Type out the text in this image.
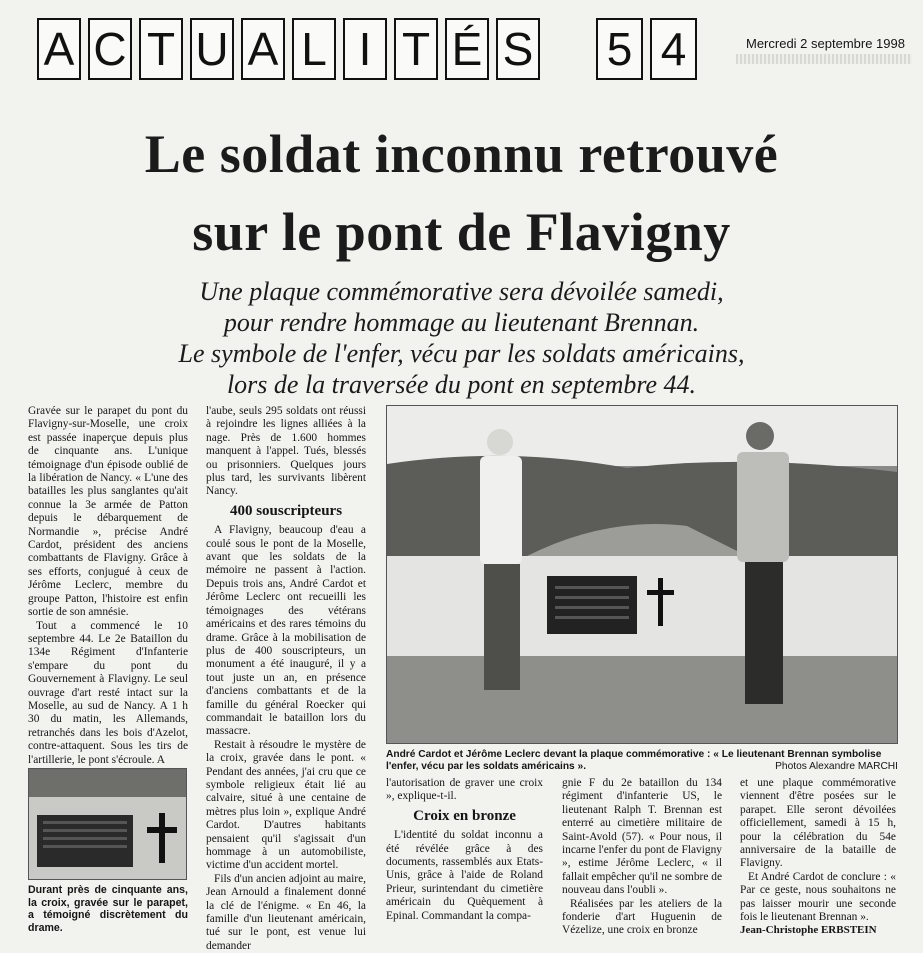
A C T U A L I T É S 5 4	Mercredi 2 septembre 1998
Le soldat inconnu retrouvé
sur le pont de Flavigny
Une plaque commémorative sera dévoilée samedi,
pour rendre hommage au lieutenant Brennan.
Le symbole de l'enfer, vécu par les soldats américains,
lors de la traversée du pont en septembre 44.

Gravée sur le parapet du pont du Flavigny-sur-Moselle, une croix est passée inaperçue depuis plus de cinquante ans. L'unique témoignage d'un épisode oublié de la libération de Nancy. « L'une des batailles les plus sanglantes qu'ait connue la 3e armée de Patton depuis le débarquement de Normandie », précise André Cardot, président des anciens combattants de Flavigny. Grâce à ses efforts, conjugué à ceux de Jérôme Leclerc, membre du groupe Patton, l'histoire est enfin sortie de son amnésie.

Tout a commencé le 10 septembre 44. Le 2e Bataillon du 134e Régiment d'Infanterie s'empare du pont du Gouvernement à Flavigny. Le seul ouvrage d'art resté intact sur la Moselle, au sud de Nancy. A 1 h 30 du matin, les Allemands, retranchés dans les bois d'Azelot, contre-attaquent. Sous les tirs de l'artillerie, le pont s'écroule. A

Durant près de cinquante ans, la croix, gravée sur le parapet, a témoigné discrètement du drame.

l'aube, seuls 295 soldats ont réussi à rejoindre les lignes alliées à la nage. Près de 1.600 hommes manquent à l'appel. Tués, blessés ou prisonniers. Quelques jours plus tard, les survivants libèrent Nancy.

400 souscripteurs

A Flavigny, beaucoup d'eau a coulé sous le pont de la Moselle, avant que les soldats de la mémoire ne passent à l'action. Depuis trois ans, André Cardot et Jérôme Leclerc ont recueilli les témoignages des vétérans américains et des rares témoins du drame. Grâce à la mobilisation de plus de 400 souscripteurs, un monument a été inauguré, il y a tout juste un an, en présence d'anciens combattants et de la famille du général Roecker qui commandait le bataillon lors du massacre.

Restait à résoudre le mystère de la croix, gravée dans le pont. « Pendant des années, j'ai cru que ce symbole religieux était lié au calvaire, situé à une centaine de mètres plus loin », explique André Cardot. D'autres habitants pensaient qu'il s'agissait d'un hommage à un automobiliste, victime d'un accident mortel.

Fils d'un ancien adjoint au maire, Jean Arnould a finalement donné la clé de l'énigme. « En 46, la famille d'un lieutenant américain, tué sur le pont, est venue lui demander

André Cardot et Jérôme Leclerc devant la plaque commémorative : « Le lieutenant Brennan symbolise l'enfer, vécu par les soldats américains ».	Photos Alexandre MARCHI

l'autorisation de graver une croix », explique-t-il.

Croix en bronze

L'identité du soldat inconnu a été révélée grâce à des documents, rassemblés aux Etats-Unis, grâce à l'aide de Roland Prieur, surintendant du cimetière américain du Quèquement à Epinal. Commandant la compa-

gnie F du 2e bataillon du 134 régiment d'infanterie US, le lieutenant Ralph T. Brennan est enterré au cimetière militaire de Saint-Avold (57). « Pour nous, il incarne l'enfer du pont de Flavigny », estime Jérôme Leclerc, « il fallait empêcher qu'il ne sombre de nouveau dans l'oubli ».

Réalisées par les ateliers de la fonderie d'art Huguenin de Vézelize, une croix en bronze

et une plaque commémorative viennent d'être posées sur le parapet. Elle seront dévoilées officiellement, samedi à 15 h, pour la célébration du 54e anniversaire de la bataille de Flavigny.

Et André Cardot de conclure : « Par ce geste, nous souhaitons ne pas laisser mourir une seconde fois le lieutenant Brennan ».

Jean-Christophe ERBSTEIN
